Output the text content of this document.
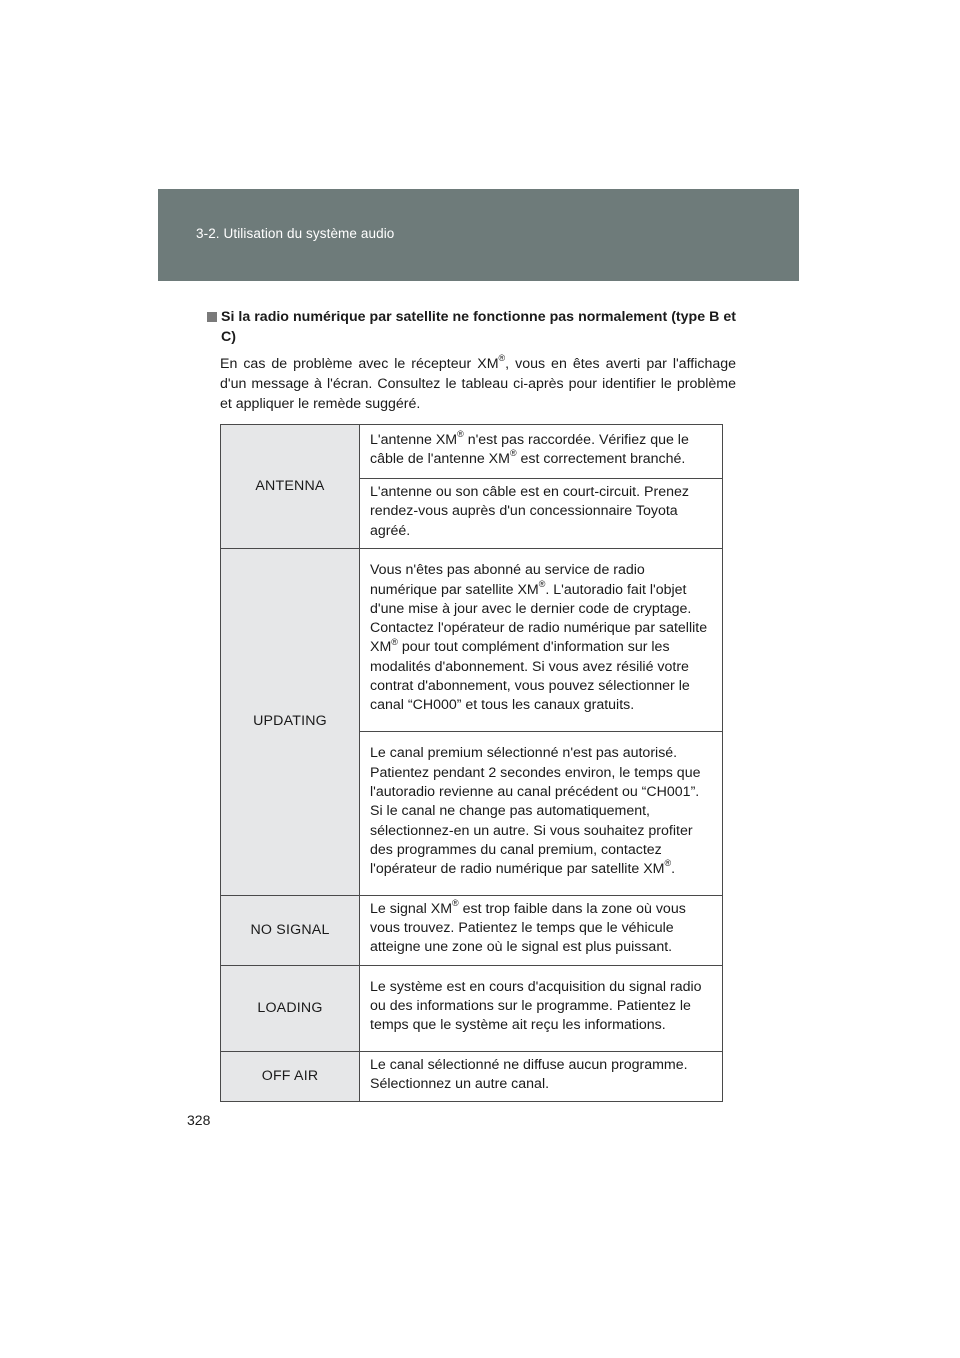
3-2. Utilisation du système audio
Si la radio numérique par satellite ne fonctionne pas normalement (type B et C)

En cas de problème avec le récepteur XM®, vous en êtes averti par l'affichage d'un message à l'écran. Consultez le tableau ci-après pour identifier le problème et appliquer le remède suggéré.

ANTENNA	L'antenne XM® n'est pas raccordée. Vérifiez que le câble de l'antenne XM® est correctement branché.
	L'antenne ou son câble est en court-circuit. Prenez rendez-vous auprès d'un concessionnaire Toyota agréé.
UPDATING	Vous n'êtes pas abonné au service de radio numérique par satellite XM®. L'autoradio fait l'objet d'une mise à jour avec le dernier code de cryptage. Contactez l'opérateur de radio numérique par satellite XM® pour tout complément d'information sur les modalités d'abonnement. Si vous avez résilié votre contrat d'abonnement, vous pouvez sélectionner le canal “CH000” et tous les canaux gratuits.
	Le canal premium sélectionné n'est pas autorisé. Patientez pendant 2 secondes environ, le temps que l'autoradio revienne au canal précédent ou “CH001”. Si le canal ne change pas automatiquement, sélectionnez-en un autre. Si vous souhaitez profiter des programmes du canal premium, contactez l'opérateur de radio numérique par satellite XM®.
NO SIGNAL	Le signal XM® est trop faible dans la zone où vous vous trouvez. Patientez le temps que le véhicule atteigne une zone où le signal est plus puissant.
LOADING	Le système est en cours d'acquisition du signal radio ou des informations sur le programme. Patientez le temps que le système ait reçu les informations.
OFF AIR	Le canal sélectionné ne diffuse aucun programme. Sélectionnez un autre canal.
328
